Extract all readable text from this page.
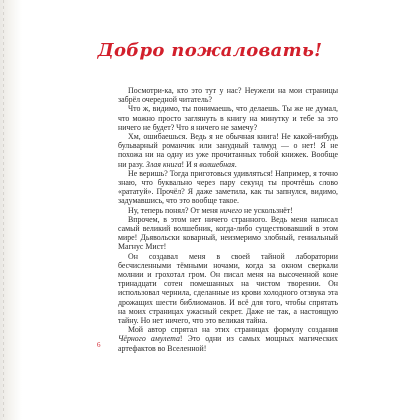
Добро пожаловать!

Посмотри-ка, кто это тут у нас? Неужели на мои страницы забрёл очередной читатель?

Что ж, видимо, ты понимаешь, что делаешь. Ты же не думал, что можно просто заглянуть в книгу на минутку и тебе за это ничего не будет? Что я ничего не замечу?

Хм, ошибаешься. Ведь я не обычная книга! Не какой-нибудь бульварный романчик или занудный талмуд — о нет! Я не похожа ни на одну из уже прочитанных тобой книжек. Вообще ни разу. Злая книга! И я волшебная.

Не веришь? Тогда приготовься удивляться! Например, я точно знаю, что буквально через пару секунд ты прочтёшь слово «рататуй». Прочёл? Я даже заметила, как ты запнулся, видимо, задумавшись, что это вообще такое.

Ну, теперь понял? От меня ничего не ускользнёт!

Впрочем, в этом нет ничего странного. Ведь меня написал самый великий волшебник, когда-либо существовавший в этом мире! Дьявольски коварный, неизмеримо злобный, гениальный Магнус Мист!

Он создавал меня в своей тайной лаборатории бесчисленными тёмными ночами, когда за окном сверкали молнии и грохотал гром. Он писал меня на высоченной коне тринадцати сотен помешанных на чистом творении. Он использовал чернила, сделанные из крови холодного отзвука эта дрожащих шести библиоманов. И всё для того, чтобы спрятать на моих страницах ужасный секрет. Даже не так, а настоящую тайну. Но нет ничего, что это великая тайна.

Мой автор спрятал на этих страницах формулу создания Чёрного амулета! Это одни из самых мощных магических артефактов во Вселенной!

6
